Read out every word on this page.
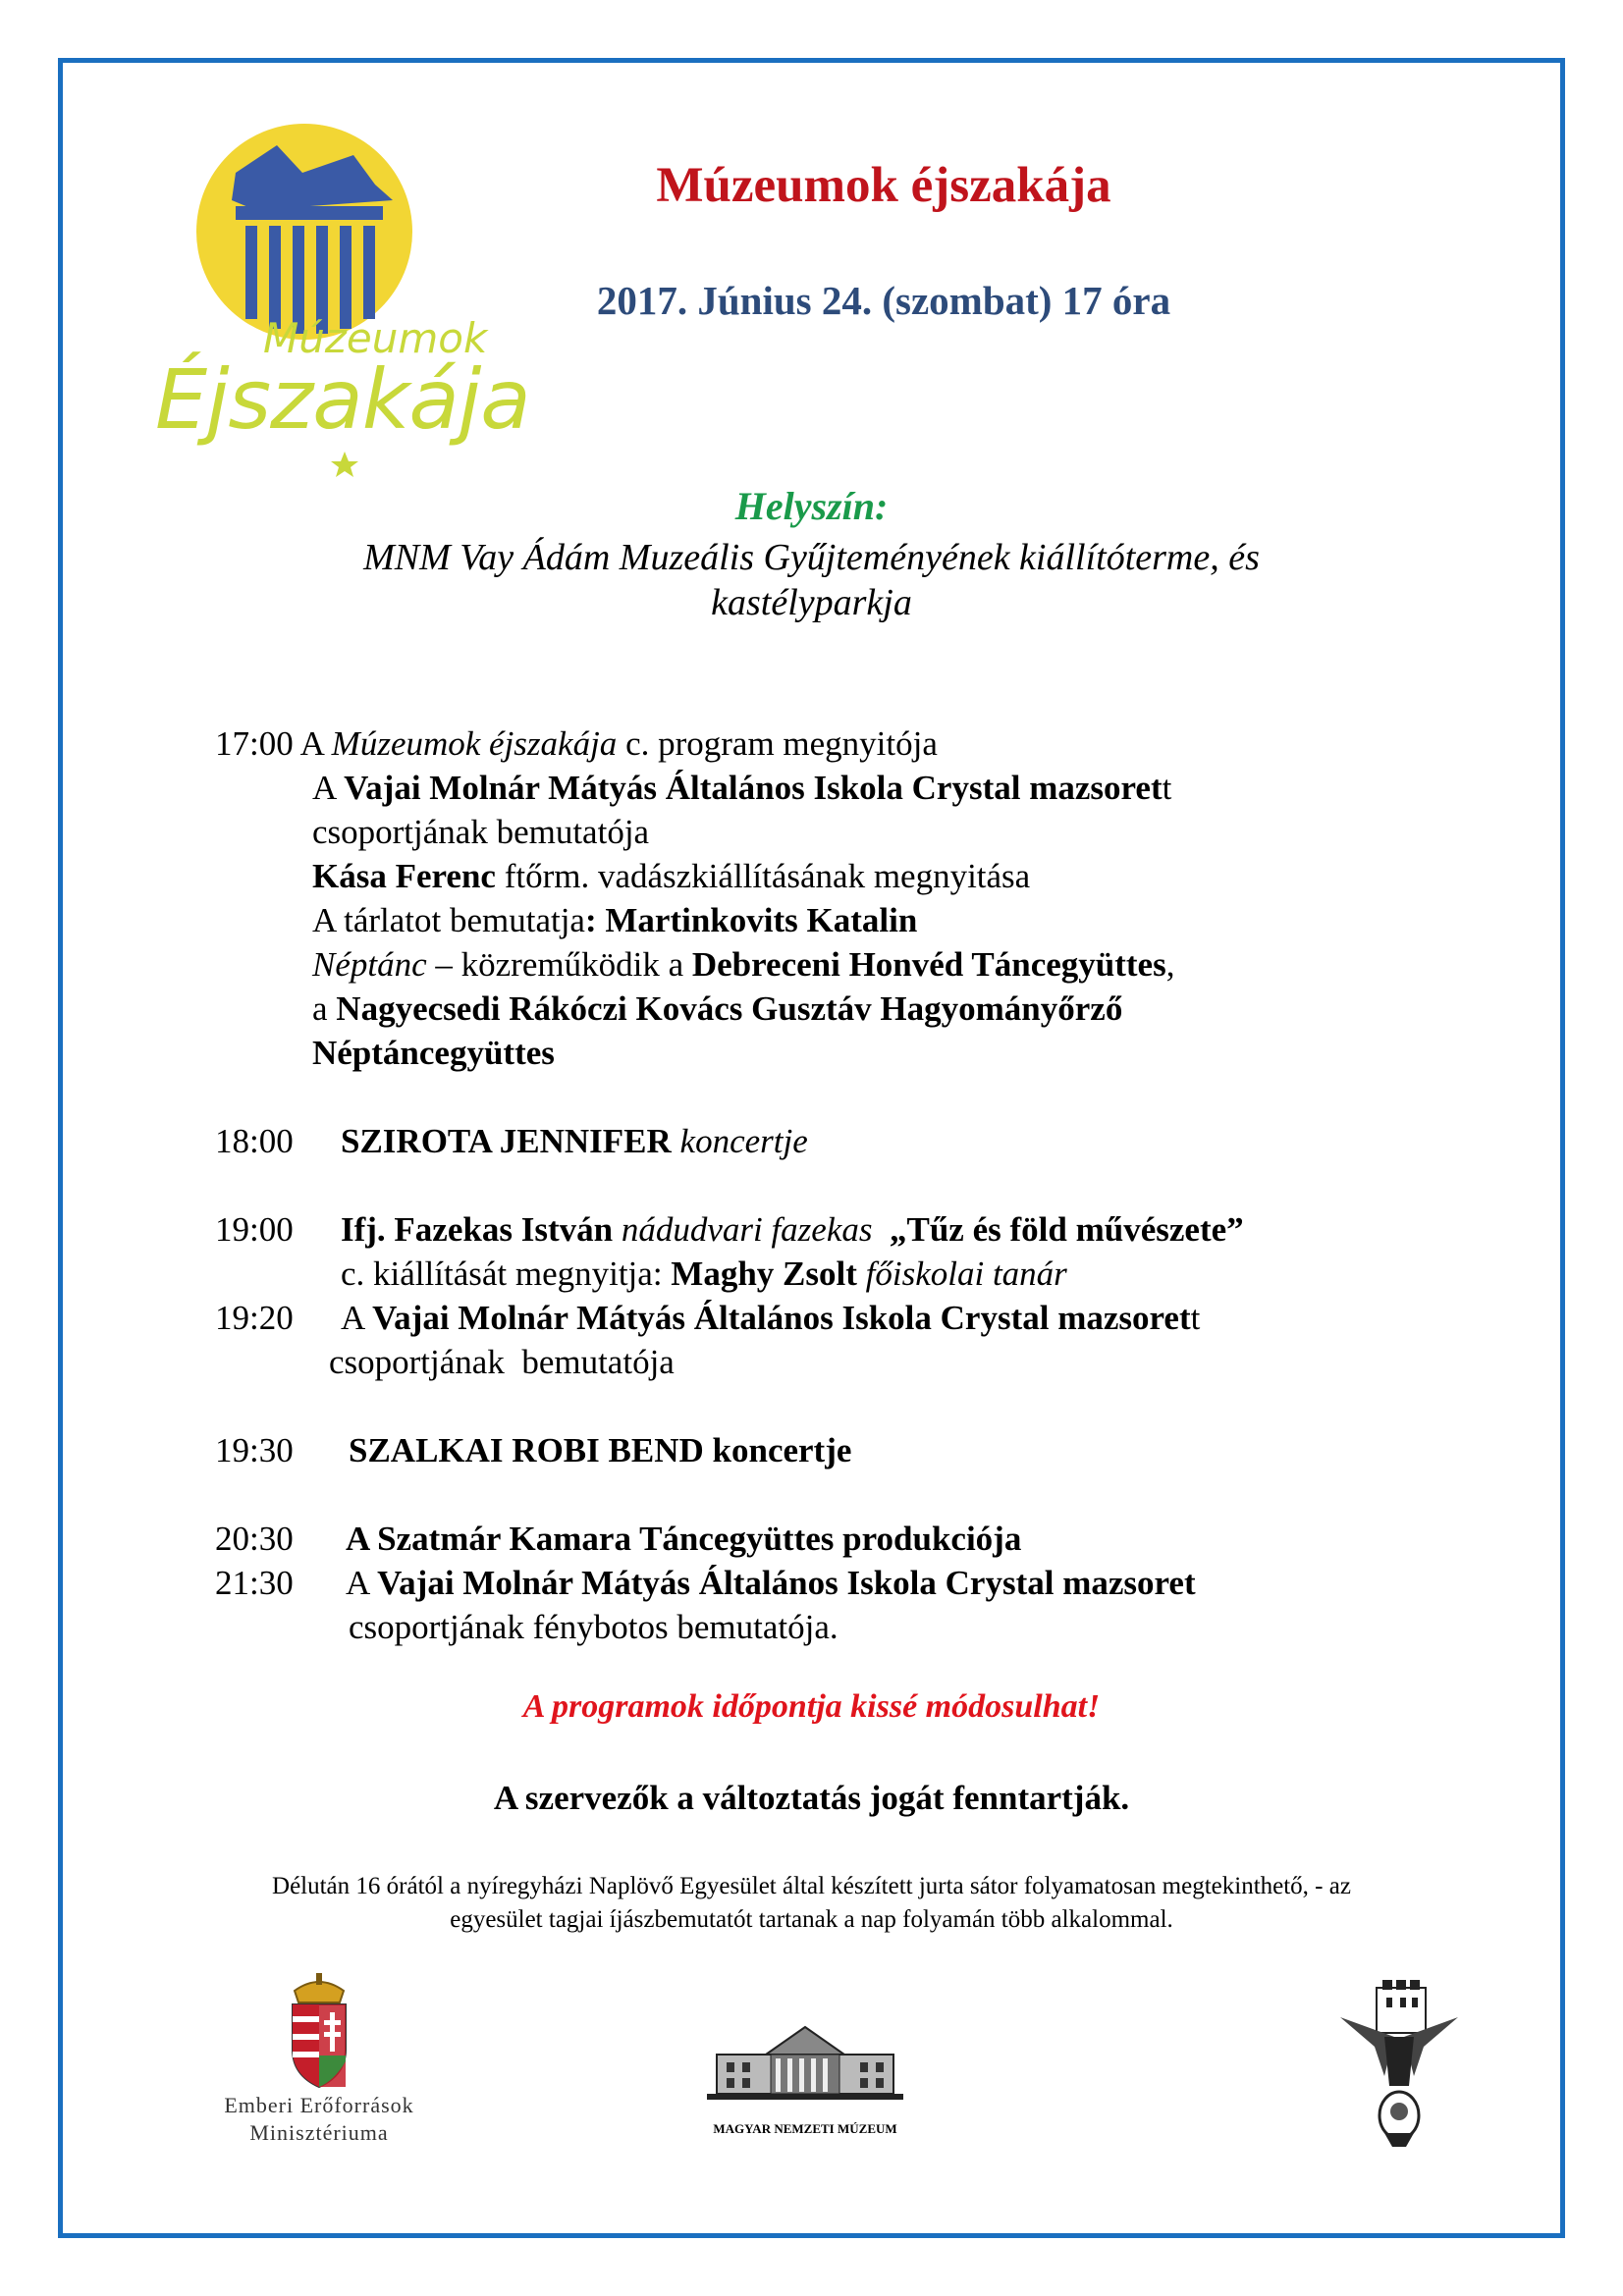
Múzeumok
Éjszakája
Múzeumok éjszakája
2017. Június 24. (szombat) 17 óra
Helyszín:
MNM Vay Ádám Muzeális Gyűjteményének kiállítóterme, és
kastélyparkja
17:00 A Múzeumok éjszakája c. program megnyitója
A Vajai Molnár Mátyás Általános Iskola Crystal mazsorett
csoportjának bemutatója
Kása Ferenc ftőrm. vadászkiállításának megnyitása
A tárlatot bemutatja: Martinkovits Katalin
Néptánc – közreműködik a Debreceni Honvéd Táncegyüttes,
a Nagyecsedi Rákóczi Kovács Gusztáv Hagyományőrző
Néptáncegyüttes
18:00 SZIROTA JENNIFER koncertje
19:00 Ifj. Fazekas István nádudvari fazekas  „Tűz és föld művészete”
c. kiállítását megnyitja: Maghy Zsolt főiskolai tanár
19:20 A Vajai Molnár Mátyás Általános Iskola Crystal mazsorett
csoportjának  bemutatója
19:30 SZALKAI ROBI BEND koncertje
20:30 A Szatmár Kamara Táncegyüttes produkciója
21:30 A Vajai Molnár Mátyás Általános Iskola Crystal mazsoret
csoportjának fénybotos bemutatója.
A programok időpontja kissé módosulhat!
A szervezők a változtatás jogát fenntartják.
Délután 16 órától a nyíregyházi Naplövő Egyesület által készített jurta sátor folyamatosan megtekinthető, - az
egyesület tagjai íjászbemutatót tartanak a nap folyamán több alkalommal.
Emberi Erőforrások
Minisztériuma	MAGYAR NEMZETI MÚZEUM
